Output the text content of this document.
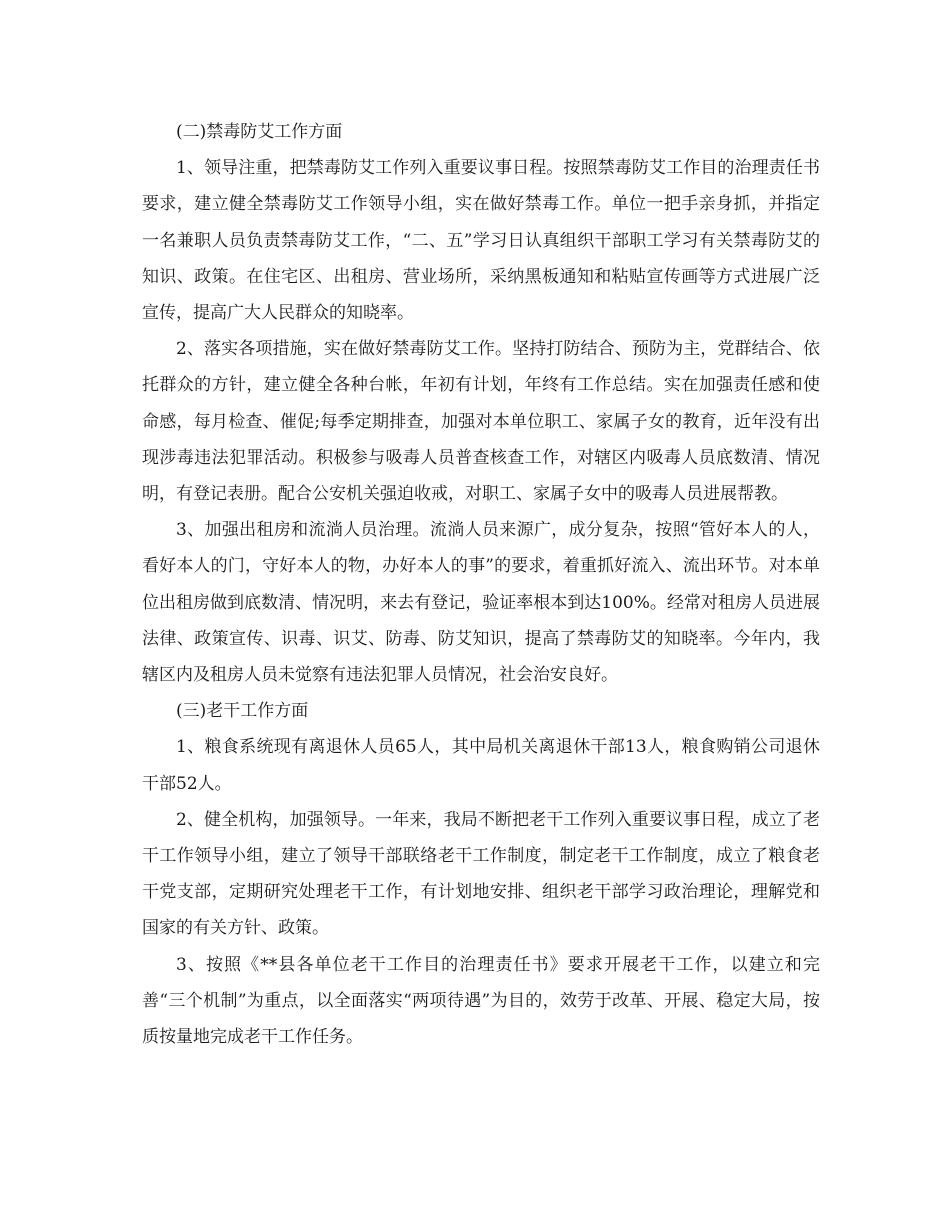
(二)禁毒防艾工作方面
1、领导注重，把禁毒防艾工作列入重要议事日程。按照禁毒防艾工作目的治理责任书要求，建立健全禁毒防艾工作领导小组，实在做好禁毒工作。单位一把手亲身抓，并指定一名兼职人员负责禁毒防艾工作，“二、五”学习日认真组织干部职工学习有关禁毒防艾的知识、政策。在住宅区、出租房、营业场所，采纳黑板通知和粘贴宣传画等方式进展广泛宣传，提高广大人民群众的知晓率。
2、落实各项措施，实在做好禁毒防艾工作。坚持打防结合、预防为主，党群结合、依托群众的方针，建立健全各种台帐，年初有计划，年终有工作总结。实在加强责任感和使命感，每月检查、催促;每季定期排查，加强对本单位职工、家属子女的教育，近年没有出现涉毒违法犯罪活动。积极参与吸毒人员普查核查工作，对辖区内吸毒人员底数清、情况明，有登记表册。配合公安机关强迫收戒，对职工、家属子女中的吸毒人员进展帮教。
3、加强出租房和流淌人员治理。流淌人员来源广，成分复杂，按照“管好本人的人，看好本人的门，守好本人的物，办好本人的事”的要求，着重抓好流入、流出环节。对本单位出租房做到底数清、情况明，来去有登记，验证率根本到达100%。经常对租房人员进展法律、政策宣传、识毒、识艾、防毒、防艾知识，提高了禁毒防艾的知晓率。今年内，我辖区内及租房人员未觉察有违法犯罪人员情况，社会治安良好。
(三)老干工作方面
1、粮食系统现有离退休人员65人，其中局机关离退休干部13人，粮食购销公司退休干部52人。
2、健全机构，加强领导。一年来，我局不断把老干工作列入重要议事日程，成立了老干工作领导小组，建立了领导干部联络老干工作制度，制定老干工作制度，成立了粮食老干党支部，定期研究处理老干工作，有计划地安排、组织老干部学习政治理论，理解党和国家的有关方针、政策。
3、按照《**县各单位老干工作目的治理责任书》要求开展老干工作，以建立和完善“三个机制”为重点，以全面落实“两项待遇”为目的，效劳于改革、开展、稳定大局，按质按量地完成老干工作任务。
